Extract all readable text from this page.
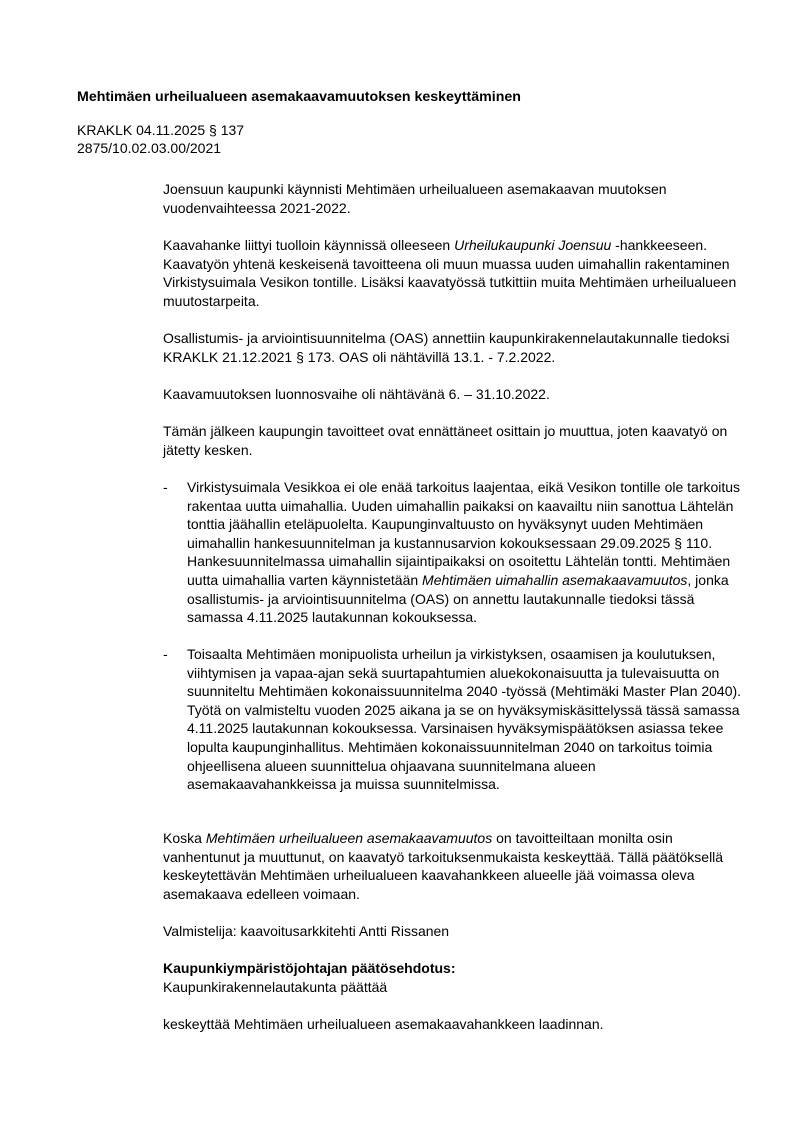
Mehtimäen urheilualueen asemakaavamuutoksen keskeyttäminen
KRAKLK 04.11.2025 § 137
2875/10.02.03.00/2021

Joensuun kaupunki käynnisti Mehtimäen urheilualueen asemakaavan muutoksen vuodenvaihteessa 2021-2022.

Kaavahanke liittyi tuolloin käynnissä olleeseen Urheilukaupunki Joensuu -hankkeeseen. Kaavatyön yhtenä keskeisenä tavoitteena oli muun muassa uuden uimahallin rakentaminen Virkistysuimala Vesikon tontille. Lisäksi kaavatyössä tutkittiin muita Mehtimäen urheilualueen muutostarpeita.

Osallistumis- ja arviointisuunnitelma (OAS) annettiin kaupunkirakennelautakunnalle tiedoksi KRAKLK 21.12.2021 § 173. OAS oli nähtävillä 13.1. - 7.2.2022.

Kaavamuutoksen luonnosvaihe oli nähtävänä 6. – 31.10.2022.

Tämän jälkeen kaupungin tavoitteet ovat ennättäneet osittain jo muuttua, joten kaavatyö on jätetty kesken.

- Virkistysuimala Vesikkoa ei ole enää tarkoitus laajentaa, eikä Vesikon tontille ole tarkoitus rakentaa uutta uimahallia. Uuden uimahallin paikaksi on kaavailtu niin sanottua Lähtelän tonttia jäähallin eteläpuolelta. Kaupunginvaltuusto on hyväksynyt uuden Mehtimäen uimahallin hankesuunnitelman ja kustannusarvion kokouksessaan 29.09.2025 § 110. Hankesuunnitelmassa uimahallin sijaintipaikaksi on osoitettu Lähtelän tontti. Mehtimäen uutta uimahallia varten käynnistetään Mehtimäen uimahallin asemakaavamuutos, jonka osallistumis- ja arviointisuunnitelma (OAS) on annettu lautakunnalle tiedoksi tässä samassa 4.11.2025 lautakunnan kokouksessa.
- Toisaalta Mehtimäen monipuolista urheilun ja virkistyksen, osaamisen ja koulutuksen, viihtymisen ja vapaa-ajan sekä suurtapahtumien aluekokonaisuutta ja tulevaisuutta on suunniteltu Mehtimäen kokonaissuunnitelma 2040 -työssä (Mehtimäki Master Plan 2040). Työtä on valmisteltu vuoden 2025 aikana ja se on hyväksymiskäsittelyssä tässä samassa 4.11.2025 lautakunnan kokouksessa. Varsinaisen hyväksymispäätöksen asiassa tekee lopulta kaupunginhallitus. Mehtimäen kokonaissuunnitelman 2040 on tarkoitus toimia ohjeellisena alueen suunnittelua ohjaavana suunnitelmana alueen asemakaavahankkeissa ja muissa suunnitelmissa.

Koska Mehtimäen urheilualueen asemakaavamuutos on tavoitteiltaan monilta osin vanhentunut ja muuttunut, on kaavatyö tarkoituksenmukaista keskeyttää. Tällä päätöksellä keskeytettävän Mehtimäen urheilualueen kaavahankkeen alueelle jää voimassa oleva asemakaava edelleen voimaan.

Valmistelija: kaavoitusarkkitehti Antti Rissanen

Kaupunkiympäristöjohtajan päätösehdotus:

Kaupunkirakennelautakunta päättää

keskeyttää Mehtimäen urheilualueen asemakaavahankkeen laadinnan.
